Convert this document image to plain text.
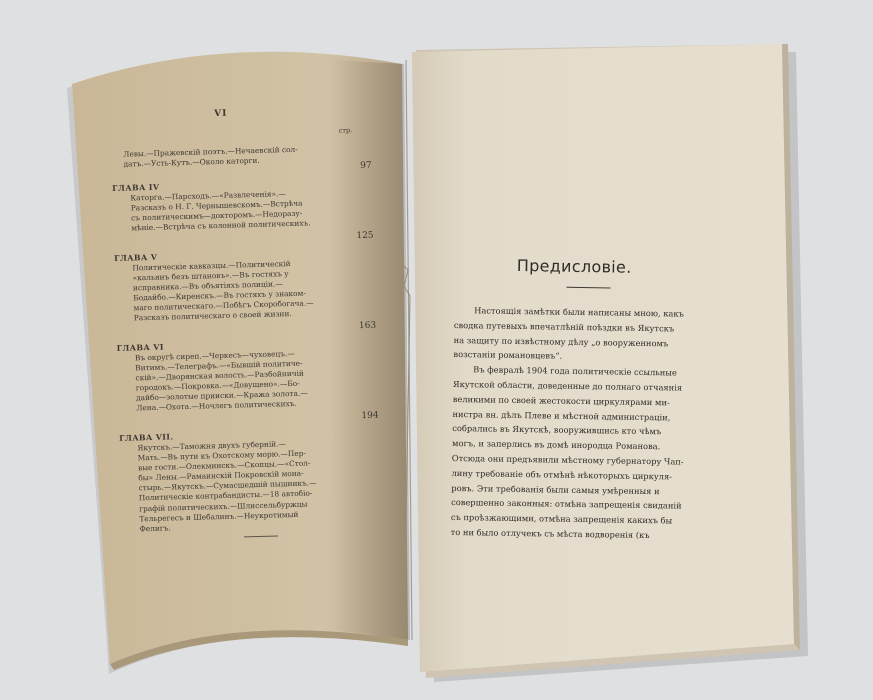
VI
стр.
Левы.—Пражевскій поэтъ.—Нечаевскій сол-
датъ.—Усть-Кутъ.—Около каторги.	97
ГЛАВА IV
Каторга.—Парсходъ.—«Развлеченія».—
Разсказъ о Н. Г. Чернышевскомъ.—Встрѣча
съ политическимъ—докторомъ.—Недоразу-
мѣніе.—Встрѣча съ колонной политическихъ.
125
ГЛАВА V
Политическіе кавказцы.—Политическій
«кальянъ безъ штановъ».—Въ гостяхъ у
исправника.—Въ объятіяхъ полиціи.—
Бодайбо.—Киренскъ.—Въ гостяхъ у знаком-
маго политическаго.—Побѣгъ Скоробогача.—
Разсказъ политическаго о своей жизни.
163
ГЛАВА VI
Въ округѣ сиреп.—Черкесъ—чуховецъ.—
Витимъ.—Телеграфъ.—«Бывшій политиче-
скій».—Дворянская волость.—Разбойничій
городокъ.—Покровка.—«Довущено».—Бо-
дайбо—золотые прииски.—Кража золота.—
Лена.—Охота.—Ночлегъ политическихъ.
194
ГЛАВА VII.
Якутскъ.—Таможня двухъ губерній.—
Мать.—Въ пути къ Охотскому морю.—Пер-
вые гости.—Олекминскъ.—Скопцы.—«Стол-
бы» Лены.—Рамаинскій Покровскій мона-
стырь.—Якутскъ.—Сумасшедшій пышникъ.—
Политическіе контрабандисты.—18 автобіо-
графій политическихъ.—Шлиссельбуржцы
Тельрегесъ и Шебалинъ.—Неукротимый
Фелигъ.
Предисловіе.
Настоящія замѣтки были написаны мною, какъ
сводка путевыхъ впечатлѣній поѣздки въ Якутскъ
на защиту по извѣстному дѣлу „о вооруженномъ
возстаніи романовцевъ“.
Въ февралѣ 1904 года политическіе ссыльные
Якутской области, доведенные до полнаго отчаянія
великими по своей жестокости циркулярами ми-
нистра вн. дѣлъ Плеве и мѣстной администраціи,
собрались въ Якутскѣ, вооружившись кто чѣмъ
могъ, и заперлись въ домѣ инородца Романова.
Отсюда они предъявили мѣстному губернатору Чап-
лину требованіе объ отмѣнѣ нѣкоторыхъ циркуля-
ровъ. Эти требованія были самыя умѣренныя и
совершенно законныя: отмѣна запрещенія свиданій
съ проѣзжающими, отмѣна запрещенія какихъ бы
то ни было отлучекъ съ мѣста водворенія (къ
